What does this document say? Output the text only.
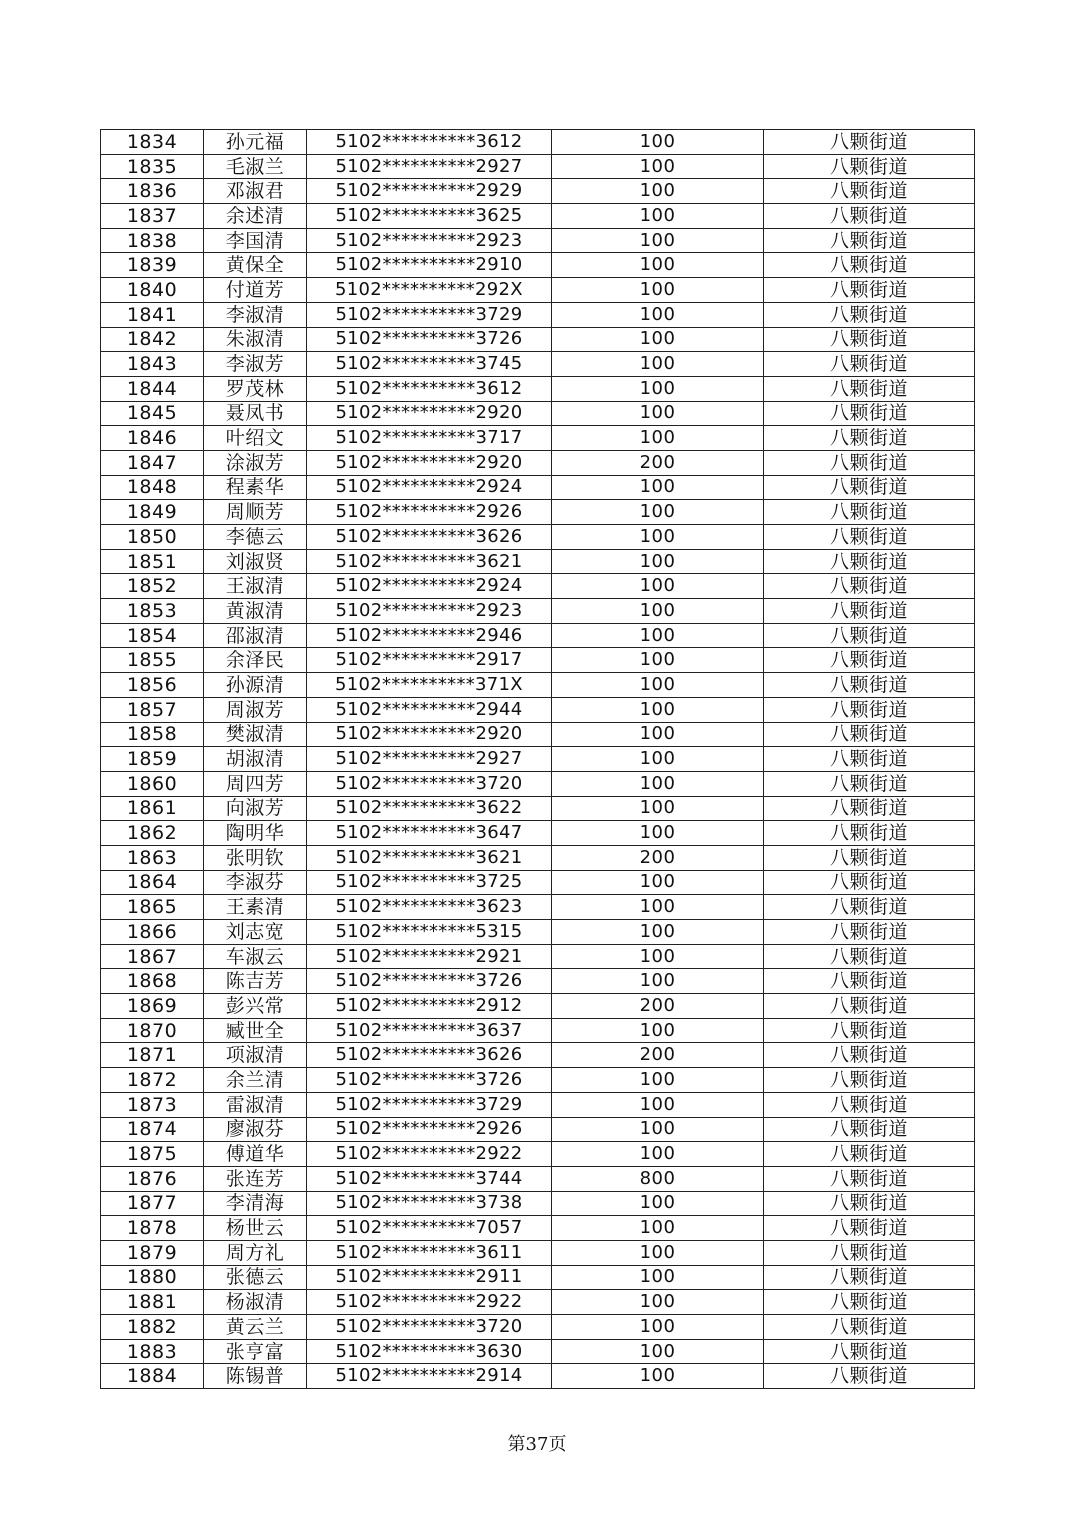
1834	孙元福	5102**********3612	100	八颗街道
1835	毛淑兰	5102**********2927	100	八颗街道
1836	邓淑君	5102**********2929	100	八颗街道
1837	余述清	5102**********3625	100	八颗街道
1838	李国清	5102**********2923	100	八颗街道
1839	黄保全	5102**********2910	100	八颗街道
1840	付道芳	5102**********292X	100	八颗街道
1841	李淑清	5102**********3729	100	八颗街道
1842	朱淑清	5102**********3726	100	八颗街道
1843	李淑芳	5102**********3745	100	八颗街道
1844	罗茂林	5102**********3612	100	八颗街道
1845	聂凤书	5102**********2920	100	八颗街道
1846	叶绍文	5102**********3717	100	八颗街道
1847	涂淑芳	5102**********2920	200	八颗街道
1848	程素华	5102**********2924	100	八颗街道
1849	周顺芳	5102**********2926	100	八颗街道
1850	李德云	5102**********3626	100	八颗街道
1851	刘淑贤	5102**********3621	100	八颗街道
1852	王淑清	5102**********2924	100	八颗街道
1853	黄淑清	5102**********2923	100	八颗街道
1854	邵淑清	5102**********2946	100	八颗街道
1855	余泽民	5102**********2917	100	八颗街道
1856	孙源清	5102**********371X	100	八颗街道
1857	周淑芳	5102**********2944	100	八颗街道
1858	樊淑清	5102**********2920	100	八颗街道
1859	胡淑清	5102**********2927	100	八颗街道
1860	周四芳	5102**********3720	100	八颗街道
1861	向淑芳	5102**********3622	100	八颗街道
1862	陶明华	5102**********3647	100	八颗街道
1863	张明钦	5102**********3621	200	八颗街道
1864	李淑芬	5102**********3725	100	八颗街道
1865	王素清	5102**********3623	100	八颗街道
1866	刘志宽	5102**********5315	100	八颗街道
1867	车淑云	5102**********2921	100	八颗街道
1868	陈吉芳	5102**********3726	100	八颗街道
1869	彭兴常	5102**********2912	200	八颗街道
1870	臧世全	5102**********3637	100	八颗街道
1871	项淑清	5102**********3626	200	八颗街道
1872	余兰清	5102**********3726	100	八颗街道
1873	雷淑清	5102**********3729	100	八颗街道
1874	廖淑芬	5102**********2926	100	八颗街道
1875	傅道华	5102**********2922	100	八颗街道
1876	张连芳	5102**********3744	800	八颗街道
1877	李清海	5102**********3738	100	八颗街道
1878	杨世云	5102**********7057	100	八颗街道
1879	周方礼	5102**********3611	100	八颗街道
1880	张德云	5102**********2911	100	八颗街道
1881	杨淑清	5102**********2922	100	八颗街道
1882	黄云兰	5102**********3720	100	八颗街道
1883	张亨富	5102**********3630	100	八颗街道
1884	陈锡普	5102**********2914	100	八颗街道
第37页
